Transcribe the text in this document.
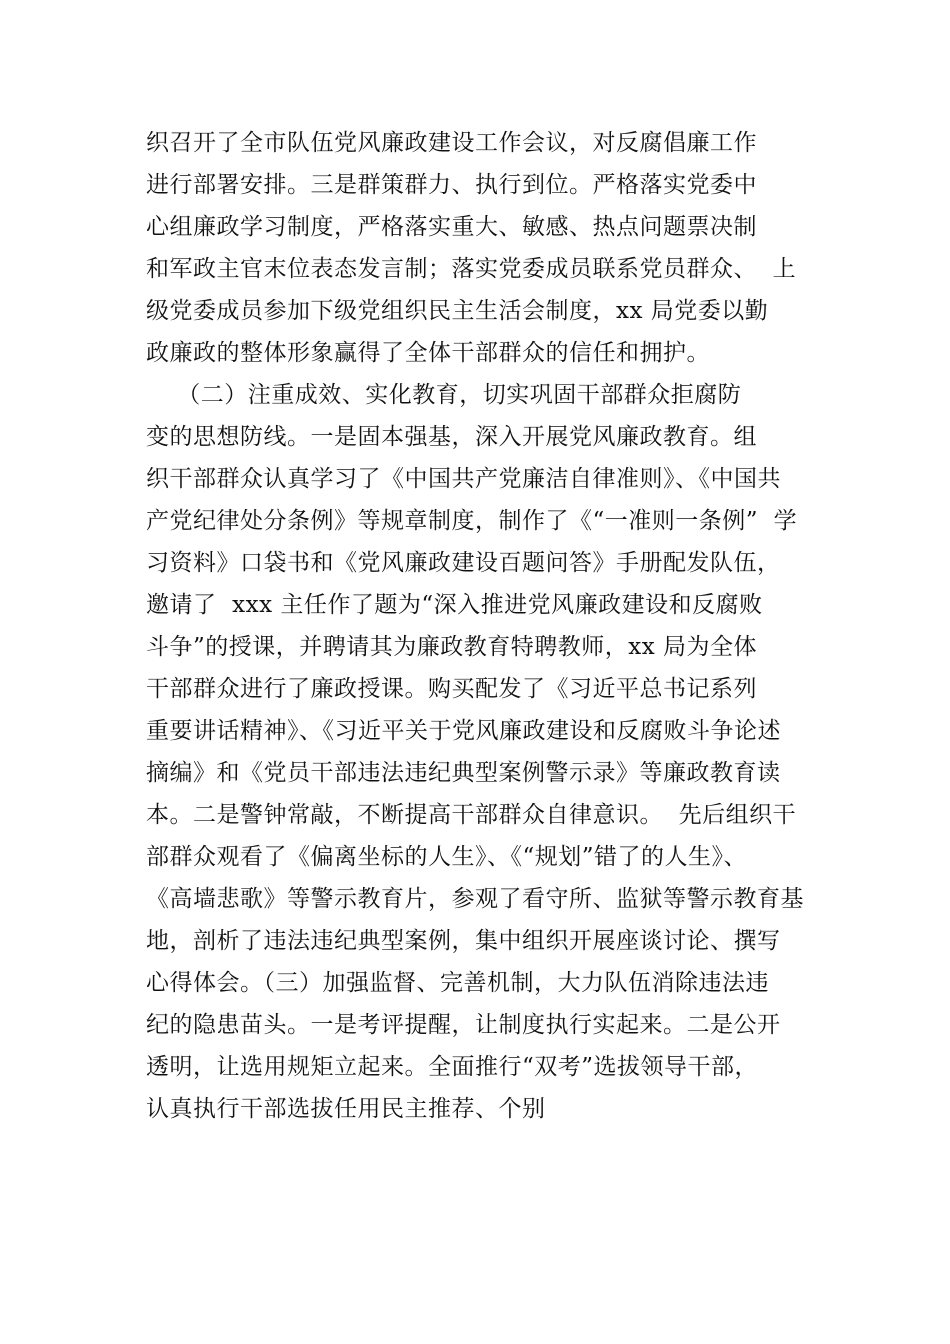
织召开了全市队伍党风廉政建设工作会议，对反腐倡廉工作
进行部署安排。三是群策群力、执行到位。严格落实党委中
心组廉政学习制度，严格落实重大、敏感、热点问题票决制
和军政主官末位表态发言制；落实党委成员联系党员群众、  上
级党委成员参加下级党组织民主生活会制度，xx 局党委以勤
政廉政的整体形象赢得了全体干部群众的信任和拥护。
（二）注重成效、实化教育，切实巩固干部群众拒腐防
变的思想防线。一是固本强基，深入开展党风廉政教育。组
织干部群众认真学习了《中国共产党廉洁自律准则》、《中国共
产党纪律处分条例》等规章制度，制作了《“一准则一条例”  学
习资料》口袋书和《党风廉政建设百题问答》手册配发队伍，
邀请了  xxx 主任作了题为“深入推进党风廉政建设和反腐败
斗争”的授课，并聘请其为廉政教育特聘教师，xx 局为全体
干部群众进行了廉政授课。购买配发了《习近平总书记系列
重要讲话精神》、《习近平关于党风廉政建设和反腐败斗争论述
摘编》和《党员干部违法违纪典型案例警示录》等廉政教育读
本。二是警钟常敲，不断提高干部群众自律意识。  先后组织干
部群众观看了《偏离坐标的人生》、《“规划”错了的人生》、
《高墙悲歌》等警示教育片，参观了看守所、监狱等警示教育基
地，剖析了违法违纪典型案例，集中组织开展座谈讨论、撰写
心得体会。（三）加强监督、完善机制，大力队伍消除违法违
纪的隐患苗头。一是考评提醒，让制度执行实起来。二是公开
透明，让选用规矩立起来。全面推行“双考”选拔领导干部，
认真执行干部选拔任用民主推荐、个别
